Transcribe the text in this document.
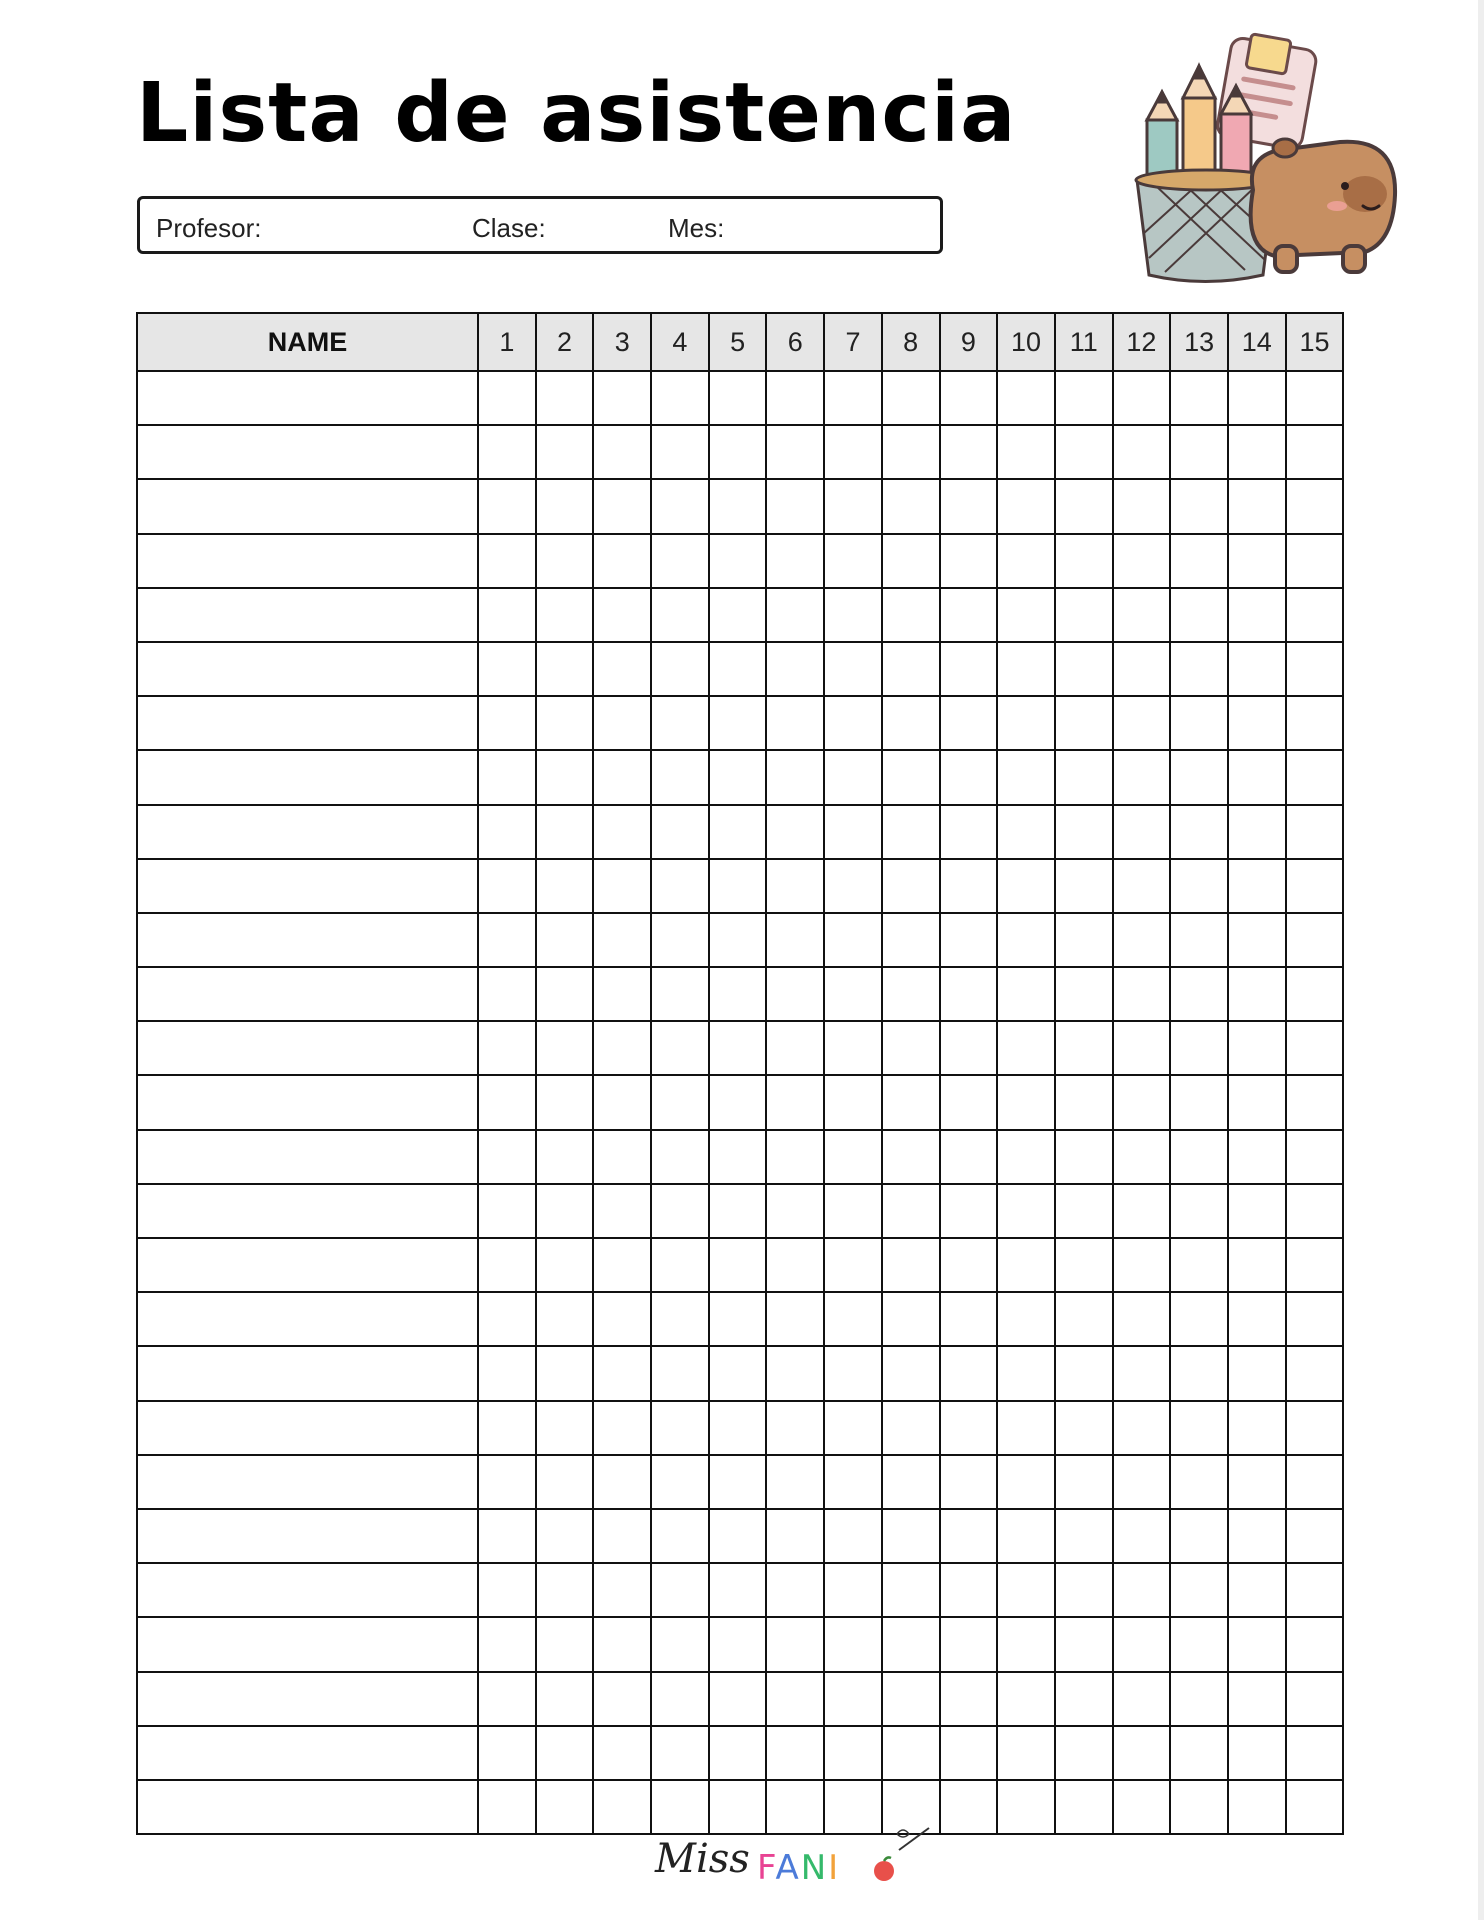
Lista de asistencia
Profesor:	Clase:	Mes:
NAME	1	2	3	4	5	6	7	8	9	10	11	12	13	14	15

Miss FANI
